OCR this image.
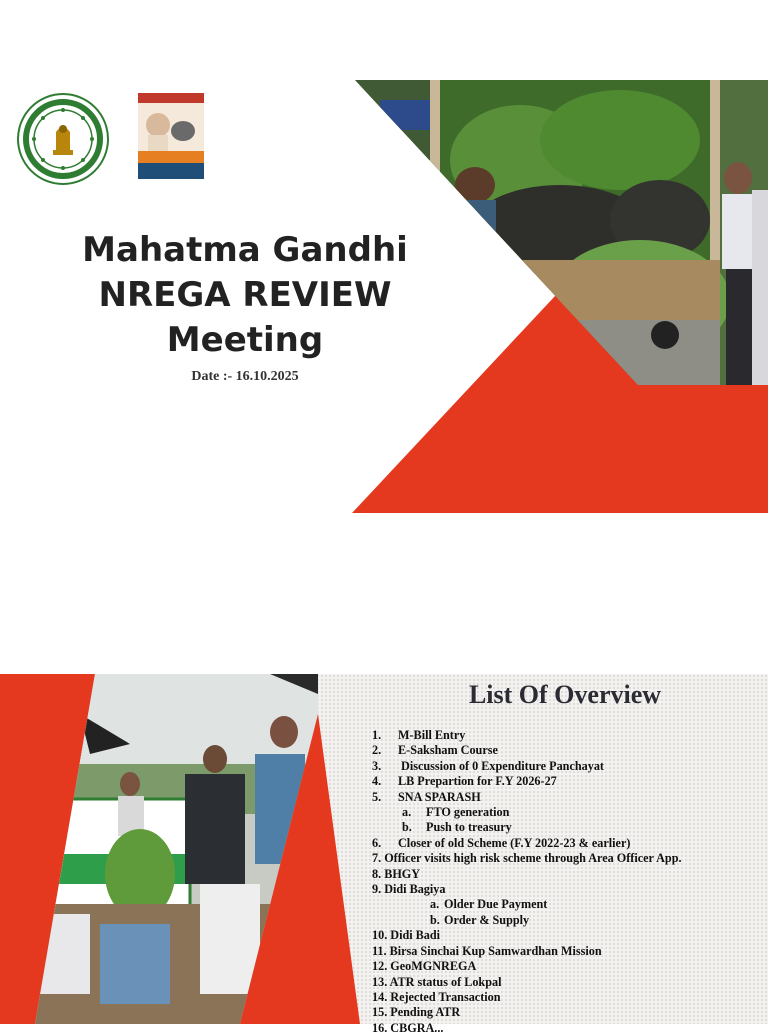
Mahatma Gandhi
NREGA REVIEW
Meeting
Date :- 16.10.2025
List Of Overview
1. M-Bill Entry
2. E-Saksham Course
3. Discussion of 0 Expenditure Panchayat
4. LB Prepartion for F.Y 2026-27
5. SNA SPARASH
a. FTO generation
b. Push to treasury
6. Closer of old Scheme (F.Y 2022-23 & earlier)
7. Officer visits high risk scheme through Area Officer App.
8. BHGY
9. Didi Bagiya
a. Older Due Payment
b. Order & Supply
10. Didi Badi
11. Birsa Sinchai Kup Samwardhan Mission
12. GeoMGNREGA
13. ATR status of Lokpal
14. Rejected Transaction
15. Pending ATR
16. CBGRA...
